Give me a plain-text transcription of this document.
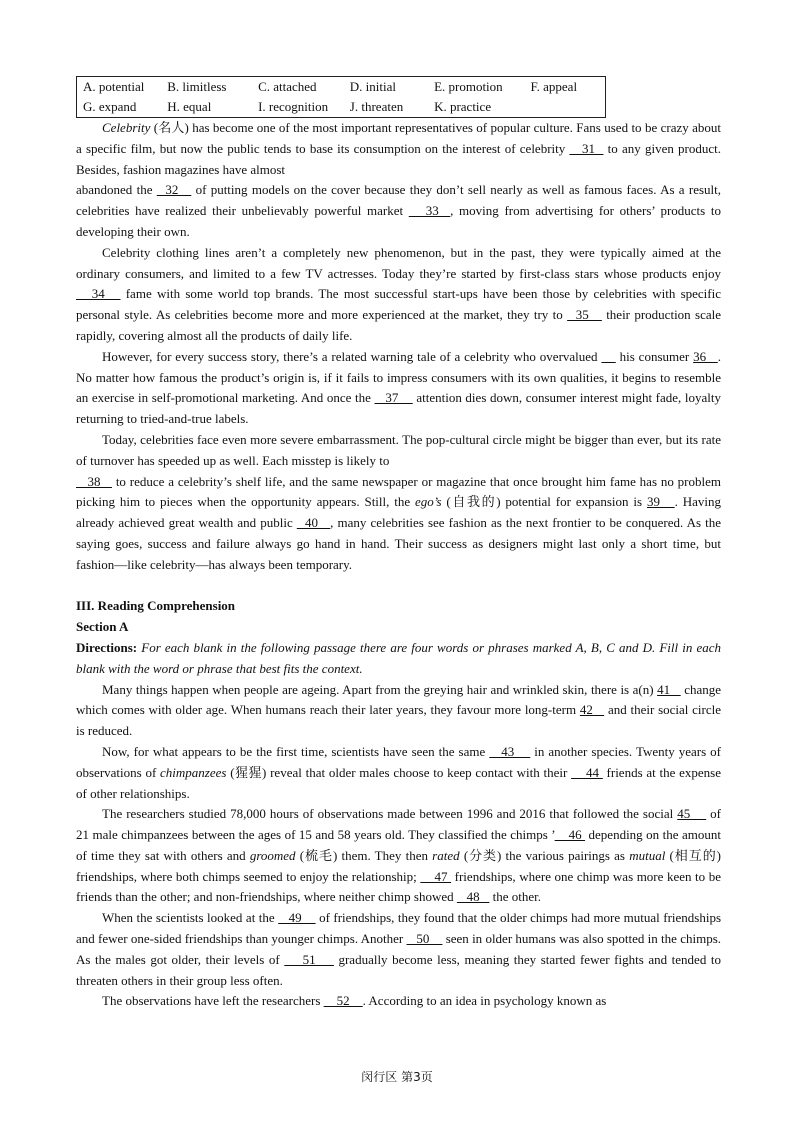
A. potential	B. limitless	C. attached	D. initial	E. promotion	F. appeal
G. expand	H. equal	I. recognition	J. threaten	K. practice

Celebrity (名人) has become one of the most important representatives of popular culture. Fans used to be crazy about a specific film, but now the public tends to base its consumption on the interest of celebrity    31   to any given product. Besides, fashion magazines have almost

abandoned the   32    of putting models on the cover because they don’t sell nearly as well as famous faces. As a result, celebrities have realized their unbelievably powerful market    33  , moving from advertising for others’ products to developing their own.

Celebrity clothing lines aren’t a completely new phenomenon, but in the past, they were typically aimed at the ordinary consumers, and limited to a few TV actresses. Today they’re started by first-class stars whose products enjoy    34    fame with some world top brands. The most successful start-ups have been those by celebrities with specific personal style. As celebrities become more and more experienced at the market, they try to   35    their production scale rapidly, covering almost all the products of daily life.

However, for every success story, there’s a related warning tale of a celebrity who overvalued  _  his consumer 36   . No matter how famous the product’s origin is, if it fails to impress consumers with its own qualities, it begins to resemble an exercise in self-promotional marketing. And once the    37     attention dies down, consumer interest might fade, loyalty returning to tried-and-true labels.

Today, celebrities face even more severe embarrassment. The pop-cultural circle might be bigger than ever, but its rate of turnover has speeded up as well. Each misstep is likely to

38    to reduce a celebrity’s shelf life, and the same newspaper or magazine that once brought him fame has no problem picking him to pieces when the opportunity appears. Still, the ego’s (自我的) potential for expansion is 39   . Having already achieved great wealth and public   40   , many celebrities see fashion as the next frontier to be conquered. As the saying goes, success and failure always go hand in hand. Their success as designers might last only a short time, but fashion—like celebrity—has always been temporary.

III. Reading Comprehension

Section A

Directions: For each blank in the following passage there are four words or phrases marked A, B, C and D. Fill in each blank with the word or phrase that best fits the context.

Many things happen when people are ageing. Apart from the greying hair and wrinkled skin, there is a(n) 41    change which comes with older age. When humans reach their later years, they favour more long-term 42    and their social circle is reduced.

Now, for what appears to be the first time, scientists have seen the same    43     in another species. Twenty years of observations of chimpanzees (猩猩) reveal that older males choose to keep contact with their     44  friends at the expense of other relationships.

The researchers studied 78,000 hours of observations made between 1996 and 2016 that followed the social 45     of 21 male chimpanzees between the ages of 15 and 58 years old. They classified the chimps ’    46  depending on the amount of time they sat with others and groomed (梳毛) them. They then rated (分类) the various pairings as mutual (相互的) friendships, where both chimps seemed to enjoy the relationship;     47  friendships, where one chimp was more keen to be friends than the other; and non-friendships, where neither chimp showed    48    the other.

When the scientists looked at the    49     of friendships, they found that the older chimps had more mutual friendships and fewer one-sided friendships than younger chimps. Another    50     seen in older humans was also spotted in the chimps. As the males got older, their levels of     51     gradually become less, meaning they started fewer fights and tended to threaten others in their group less often.

The observations have left the researchers     52    . According to an idea in psychology known as

闵行区 第3页
